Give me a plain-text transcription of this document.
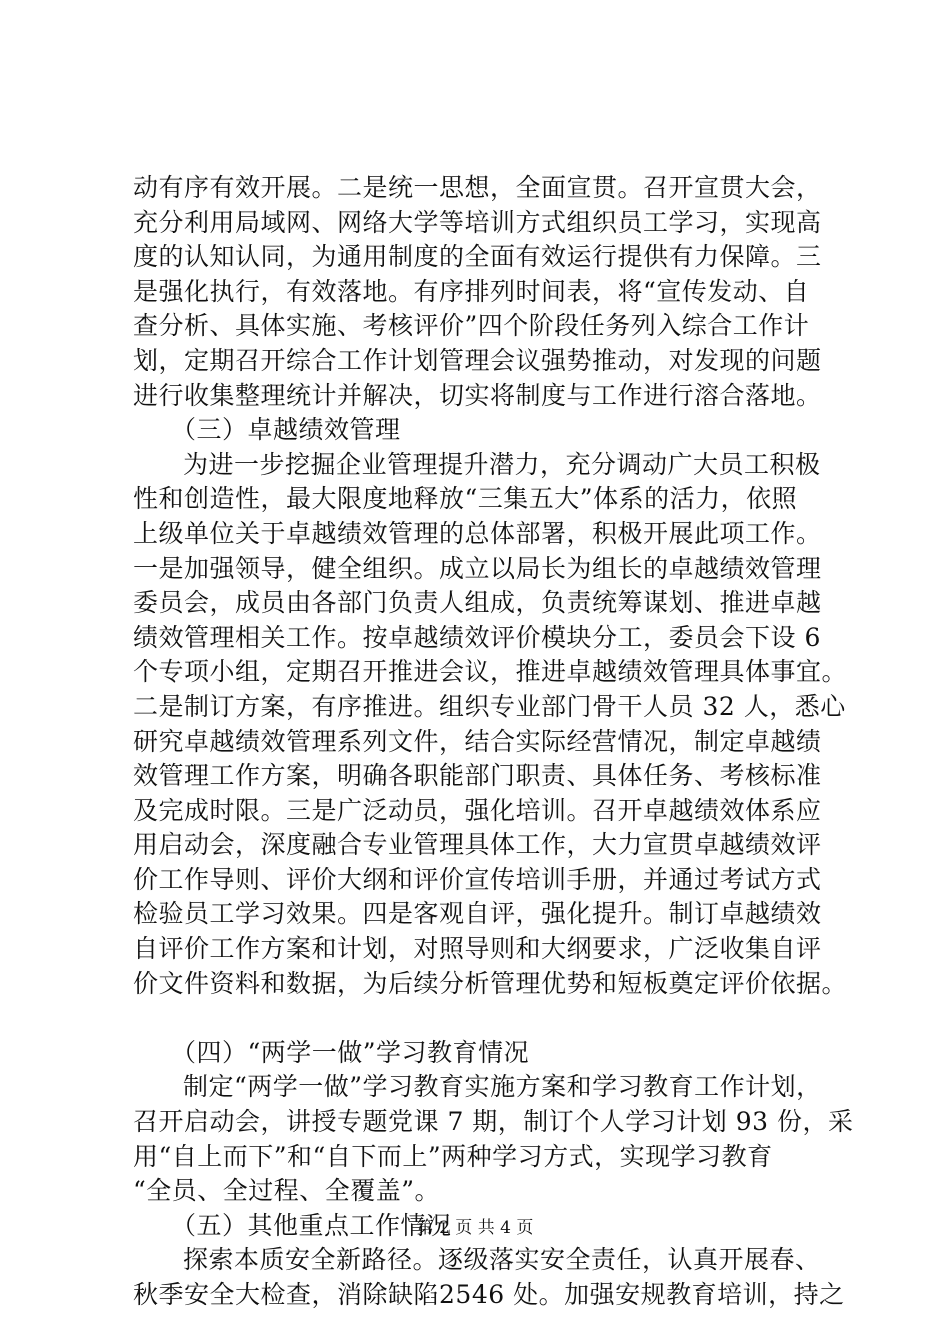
动有序有效开展。二是统一思想，全面宣贯。召开宣贯大会，
充分利用局域网、网络大学等培训方式组织员工学习，实现高
度的认知认同，为通用制度的全面有效运行提供有力保障。三
是强化执行，有效落地。有序排列时间表，将“宣传发动、自
查分析、具体实施、考核评价”四个阶段任务列入综合工作计
划，定期召开综合工作计划管理会议强势推动，对发现的问题
进行收集整理统计并解决，切实将制度与工作进行溶合落地。
（三）卓越绩效管理
为进一步挖掘企业管理提升潜力，充分调动广大员工积极
性和创造性，最大限度地释放“三集五大”体系的活力，依照
上级单位关于卓越绩效管理的总体部署，积极开展此项工作。
一是加强领导，健全组织。成立以局长为组长的卓越绩效管理
委员会，成员由各部门负责人组成，负责统筹谋划、推进卓越
绩效管理相关工作。按卓越绩效评价模块分工，委员会下设 6
个专项小组，定期召开推进会议，推进卓越绩效管理具体事宜。
二是制订方案，有序推进。组织专业部门骨干人员 32 人，悉心
研究卓越绩效管理系列文件，结合实际经营情况，制定卓越绩
效管理工作方案，明确各职能部门职责、具体任务、考核标准
及完成时限。三是广泛动员，强化培训。召开卓越绩效体系应
用启动会，深度融合专业管理具体工作，大力宣贯卓越绩效评
价工作导则、评价大纲和评价宣传培训手册，并通过考试方式
检验员工学习效果。四是客观自评，强化提升。制订卓越绩效
自评价工作方案和计划，对照导则和大纲要求，广泛收集自评
价文件资料和数据，为后续分析管理优势和短板奠定评价依据。
（四）“两学一做”学习教育情况
制定“两学一做”学习教育实施方案和学习教育工作计划，
召开启动会，讲授专题党课 7 期，制订个人学习计划 93 份，采
用“自上而下”和“自下而上”两种学习方式，实现学习教育
“全员、全过程、全覆盖”。
（五）其他重点工作情况
探索本质安全新路径。逐级落实安全责任，认真开展春、
秋季安全大检查，消除缺陷2546 处。加强安规教育培训，持之
第 2 页 共 4 页
